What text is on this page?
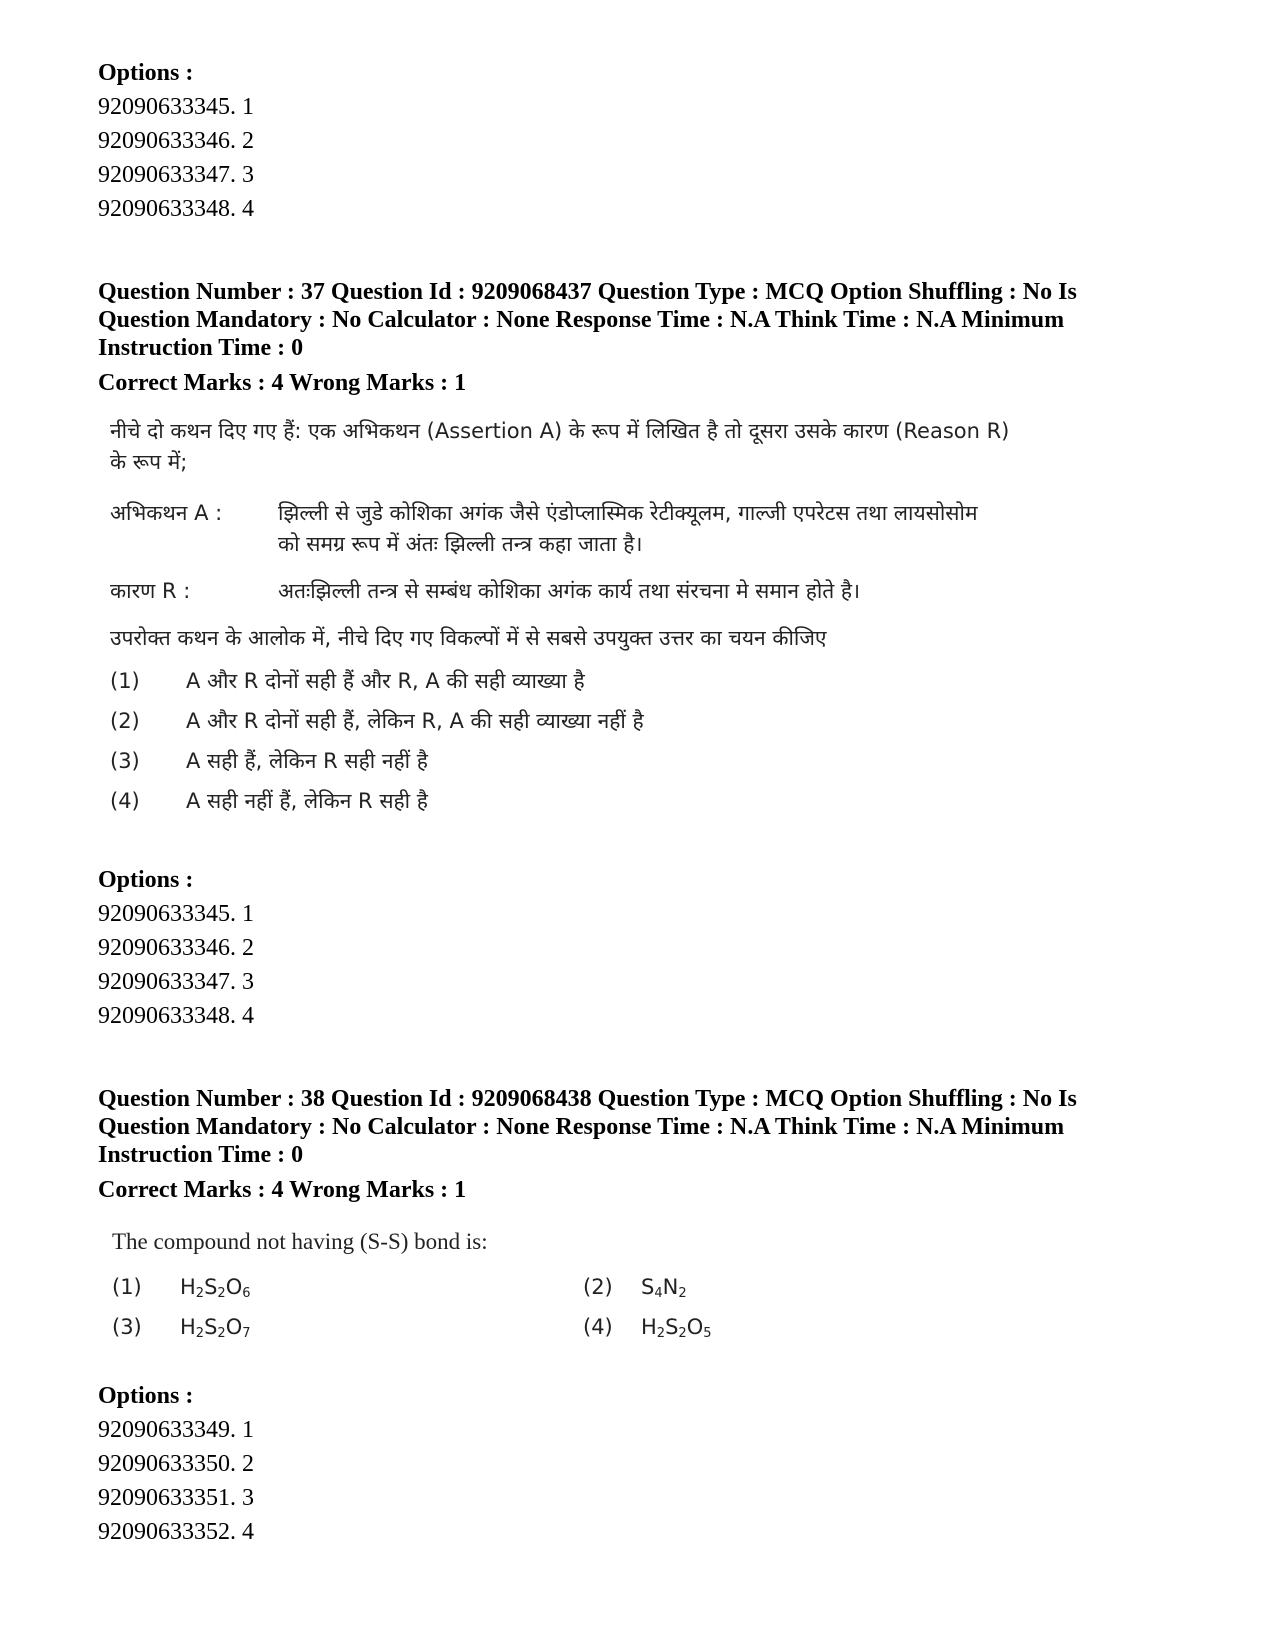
Options :
92090633345. 1
92090633346. 2
92090633347. 3
92090633348. 4
Question Number : 37 Question Id : 9209068437 Question Type : MCQ Option Shuffling : No Is
Question Mandatory : No Calculator : None Response Time : N.A Think Time : N.A Minimum
Instruction Time : 0
Correct Marks : 4 Wrong Marks : 1
नीचे दो कथन दिए गए हैं: एक अभिकथन (Assertion A) के रूप में लिखित है तो दूसरा उसके कारण (Reason R)
के रूप में;
अभिकथन A :	झिल्ली से जुडे कोशिका अगंक जैसे एंडोप्लास्मिक रेटीक्यूलम, गाल्जी एपरेटस तथा लायसोसोम
को समग्र रूप में अंतः झिल्ली तन्त्र कहा जाता है।
कारण R :	अतःझिल्ली तन्त्र से सम्बंध कोशिका अगंक कार्य तथा संरचना मे समान होते है।
उपरोक्त कथन के आलोक में, नीचे दिए गए विकल्पों में से सबसे उपयुक्त उत्तर का चयन कीजिए
(1)	A और R दोनों सही हैं और R, A की सही व्याख्या है
(2)	A और R दोनों सही हैं, लेकिन R, A की सही व्याख्या नहीं है
(3)	A सही हैं, लेकिन R सही नहीं है
(4)	A सही नहीं हैं, लेकिन R सही है
Options :
92090633345. 1
92090633346. 2
92090633347. 3
92090633348. 4
Question Number : 38 Question Id : 9209068438 Question Type : MCQ Option Shuffling : No Is
Question Mandatory : No Calculator : None Response Time : N.A Think Time : N.A Minimum
Instruction Time : 0
Correct Marks : 4 Wrong Marks : 1
The compound not having (S-S) bond is:
(1)	$H_2S_2O_6$	(2)	$S_4N_2$
(3)	$H_2S_2O_7$	(4)	$H_2S_2O_5$
Options :
92090633349. 1
92090633350. 2
92090633351. 3
92090633352. 4
